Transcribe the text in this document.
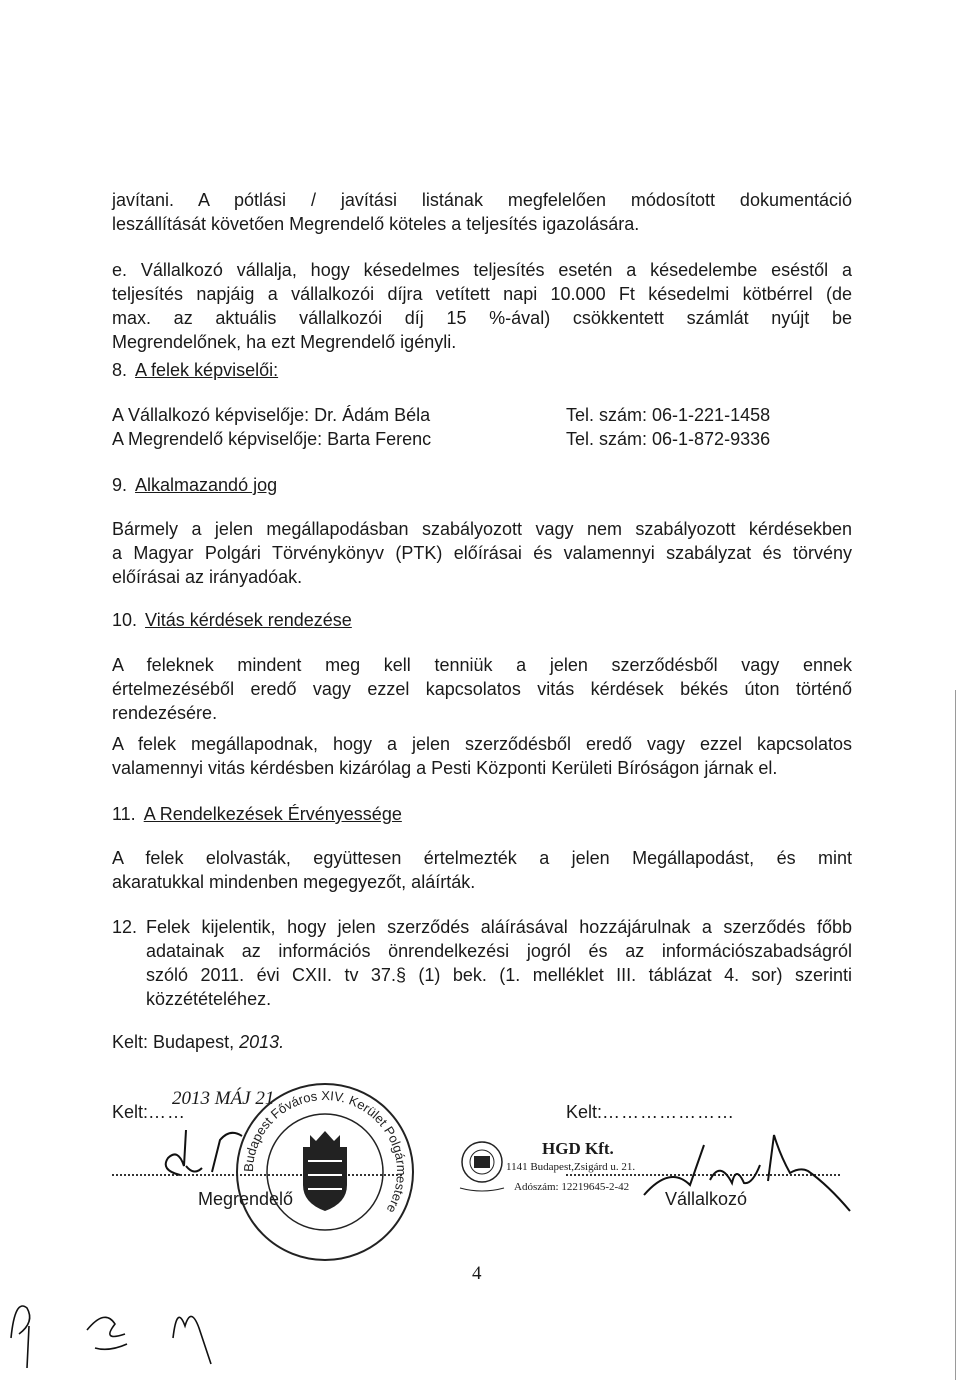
javítani. A pótlási / javítási listának megfelelően módosított dokumentáció
leszállítását követően Megrendelő köteles a teljesítés igazolására.
e. Vállalkozó vállalja, hogy késedelmes teljesítés esetén a késedelembe eséstől a
teljesítés napjáig a vállalkozói díjra vetített napi 10.000 Ft késedelmi kötbérrel (de
max. az aktuális vállalkozói díj 15 %-ával) csökkentett számlát nyújt be
Megrendelőnek, ha ezt Megrendelő igényli.
8. A felek képviselői:
A Vállalkozó képviselője: Dr. Ádám Béla	Tel. szám: 06-1-221-1458
A Megrendelő képviselője: Barta Ferenc	Tel. szám: 06-1-872-9336
9. Alkalmazandó jog
Bármely a jelen megállapodásban szabályozott vagy nem szabályozott kérdésekben
a Magyar Polgári Törvénykönyv (PTK) előírásai és valamennyi szabályzat és törvény
előírásai az irányadóak.
10. Vitás kérdések rendezése
A feleknek mindent meg kell tenniük a jelen szerződésből vagy ennek
értelmezéséből eredő vagy ezzel kapcsolatos vitás kérdések békés úton történő
rendezésére.
A felek megállapodnak, hogy a jelen szerződésből eredő vagy ezzel kapcsolatos
valamennyi vitás kérdésben kizárólag a Pesti Központi Kerületi Bíróságon járnak el.
11. A Rendelkezések Érvényessége
A felek elolvasták, együttesen értelmezték a jelen Megállapodást, és mint
akaratukkal mindenben megegyezőt, aláírták.
12. Felek kijelentik, hogy jelen szerződés aláírásával hozzájárulnak a szerződés főbb
adatainak az információs önrendelkezési jogról és az információszabadságról
szóló 2011. évi CXII. tv 37.§ (1) bek. (1. melléklet III. táblázat 4. sor) szerinti
közzétételéhez.
Kelt: Budapest, 2013.
Kelt:……
2013 MÁJ 21
Megrendelő
Budapest Főváros XIV. Kerület Polgármestere
Kelt:…………………
HGD Kft.
1141 Budapest,Zsigárd u. 21.
Adószám: 12219645-2-42
Vállalkozó
4
